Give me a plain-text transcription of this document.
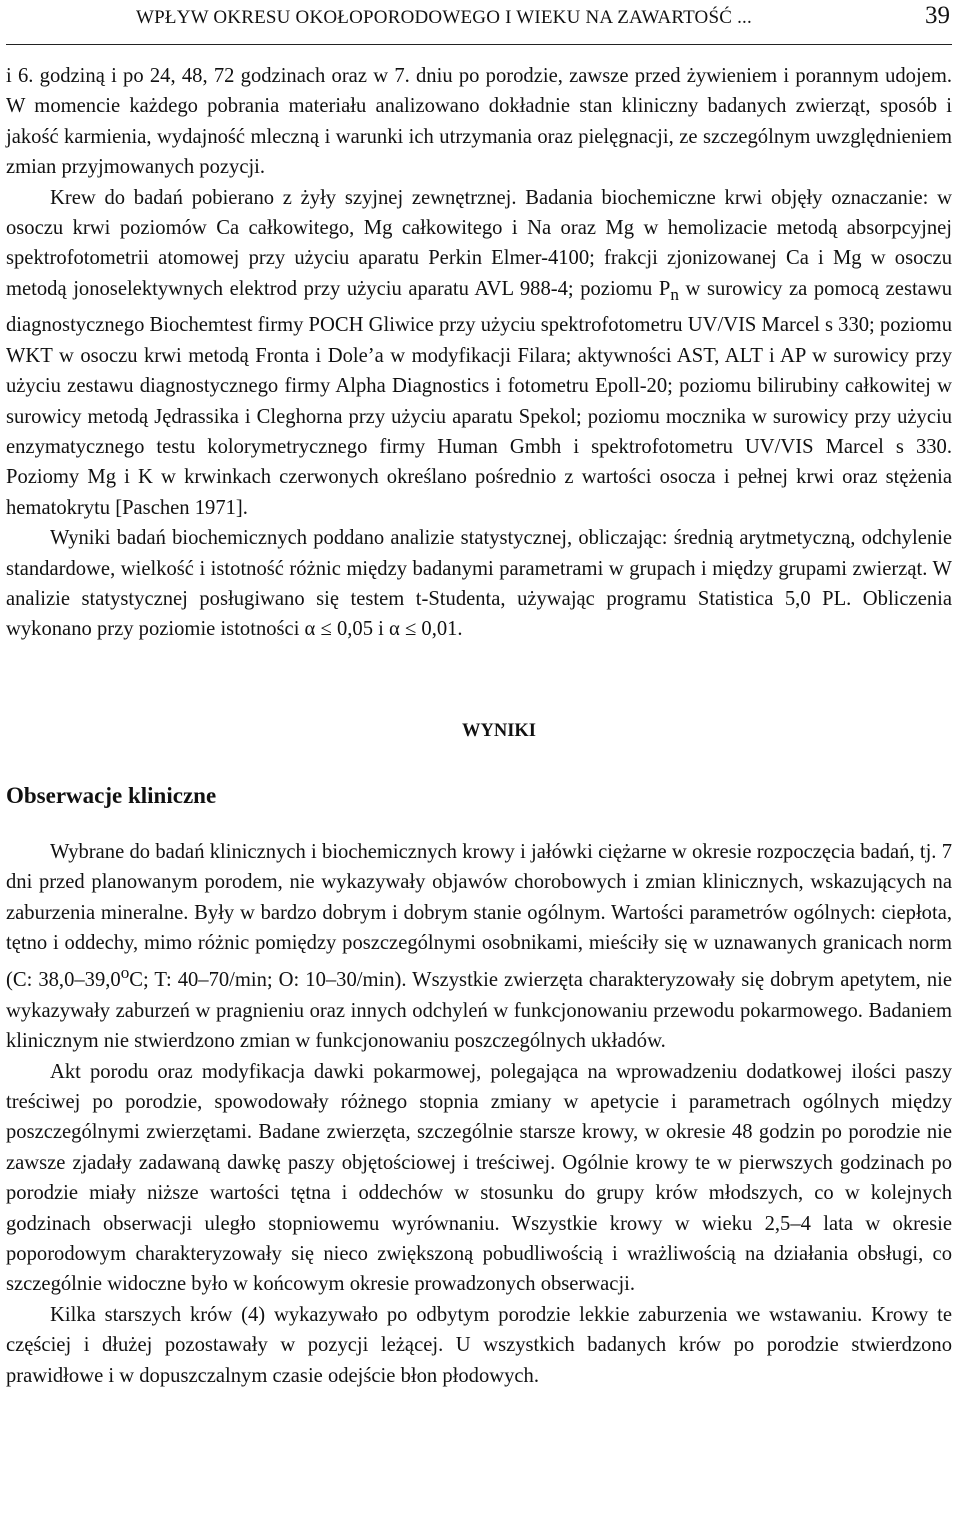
WPŁYW OKRESU OKOŁOPORODOWEGO I WIEKU NA ZAWARTOŚĆ ...	39

i 6. godziną i po 24, 48, 72 godzinach oraz w 7. dniu po porodzie, zawsze przed żywieniem i porannym udojem. W momencie każdego pobrania materiału analizowano dokładnie stan kliniczny badanych zwierząt, sposób i jakość karmienia, wydajność mleczną i warunki ich utrzymania oraz pielęgnacji, ze szczególnym uwzględnieniem zmian przyjmowanych pozycji.

Krew do badań pobierano z żyły szyjnej zewnętrznej. Badania biochemiczne krwi objęły oznaczanie: w osoczu krwi poziomów Ca całkowitego, Mg całkowitego i Na oraz Mg w hemolizacie metodą absorpcyjnej spektrofotometrii atomowej przy użyciu aparatu Perkin Elmer-4100; frakcji zjonizowanej Ca i Mg w osoczu metodą jonoselektywnych elektrod przy użyciu aparatu AVL 988-4; poziomu $P_n$ w surowicy za pomocą zestawu diagnostycznego Biochemtest firmy POCH Gliwice przy użyciu spektrofotometru UV/VIS Marcel s 330; poziomu WKT w osoczu krwi metodą Fronta i Dole’a w modyfikacji Filara; aktywności AST, ALT i AP w surowicy przy użyciu zestawu diagnostycznego firmy Alpha Diagnostics i fotometru Epoll-20; poziomu bilirubiny całkowitej w surowicy metodą Jędrassika i Cleghorna przy użyciu aparatu Spekol; poziomu mocznika w surowicy przy użyciu enzymatycznego testu kolorymetrycznego firmy Human Gmbh i spektrofotometru UV/VIS Marcel s 330. Poziomy Mg i K w krwinkach czerwonych określano pośrednio z wartości osocza i pełnej krwi oraz stężenia hematokrytu [Paschen 1971].

Wyniki badań biochemicznych poddano analizie statystycznej, obliczając: średnią arytmetyczną, odchylenie standardowe, wielkość i istotność różnic między badanymi parametrami w grupach i między grupami zwierząt. W analizie statystycznej posługiwano się testem t-Studenta, używając programu Statistica 5,0 PL. Obliczenia wykonano przy poziomie istotności α ≤ 0,05 i α ≤ 0,01.

WYNIKI
Obserwacje kliniczne

Wybrane do badań klinicznych i biochemicznych krowy i jałówki ciężarne w okresie rozpoczęcia badań, tj. 7 dni przed planowanym porodem, nie wykazywały objawów chorobowych i zmian klinicznych, wskazujących na zaburzenia mineralne. Były w bardzo dobrym i dobrym stanie ogólnym. Wartości parametrów ogólnych: ciepłota, tętno i oddechy, mimo różnic pomiędzy poszczególnymi osobnikami, mieściły się w uznawanych granicach norm (C: 38,0–39,0$^o$C; T: 40–70/min; O: 10–30/min). Wszystkie zwierzęta charakteryzowały się dobrym apetytem, nie wykazywały zaburzeń w pragnieniu oraz innych odchyleń w funkcjonowaniu przewodu pokarmowego. Badaniem klinicznym nie stwierdzono zmian w funkcjonowaniu poszczególnych układów.

Akt porodu oraz modyfikacja dawki pokarmowej, polegająca na wprowadzeniu dodatkowej ilości paszy treściwej po porodzie, spowodowały różnego stopnia zmiany w apetycie i parametrach ogólnych między poszczególnymi zwierzętami. Badane zwierzęta, szczególnie starsze krowy, w okresie 48 godzin po porodzie nie zawsze zjadały zadawaną dawkę paszy objętościowej i treściwej. Ogólnie krowy te w pierwszych godzinach po porodzie miały niższe wartości tętna i oddechów w stosunku do grupy krów młodszych, co w kolejnych godzinach obserwacji uległo stopniowemu wyrównaniu. Wszystkie krowy w wieku 2,5–4 lata w okresie poporodowym charakteryzowały się nieco zwiększoną pobudliwością i wrażliwością na działania obsługi, co szczególnie widoczne było w końcowym okresie prowadzonych obserwacji.

Kilka starszych krów (4) wykazywało po odbytym porodzie lekkie zaburzenia we wstawaniu. Krowy te częściej i dłużej pozostawały w pozycji leżącej. U wszystkich badanych krów po porodzie stwierdzono prawidłowe i w dopuszczalnym czasie odejście błon płodowych.
